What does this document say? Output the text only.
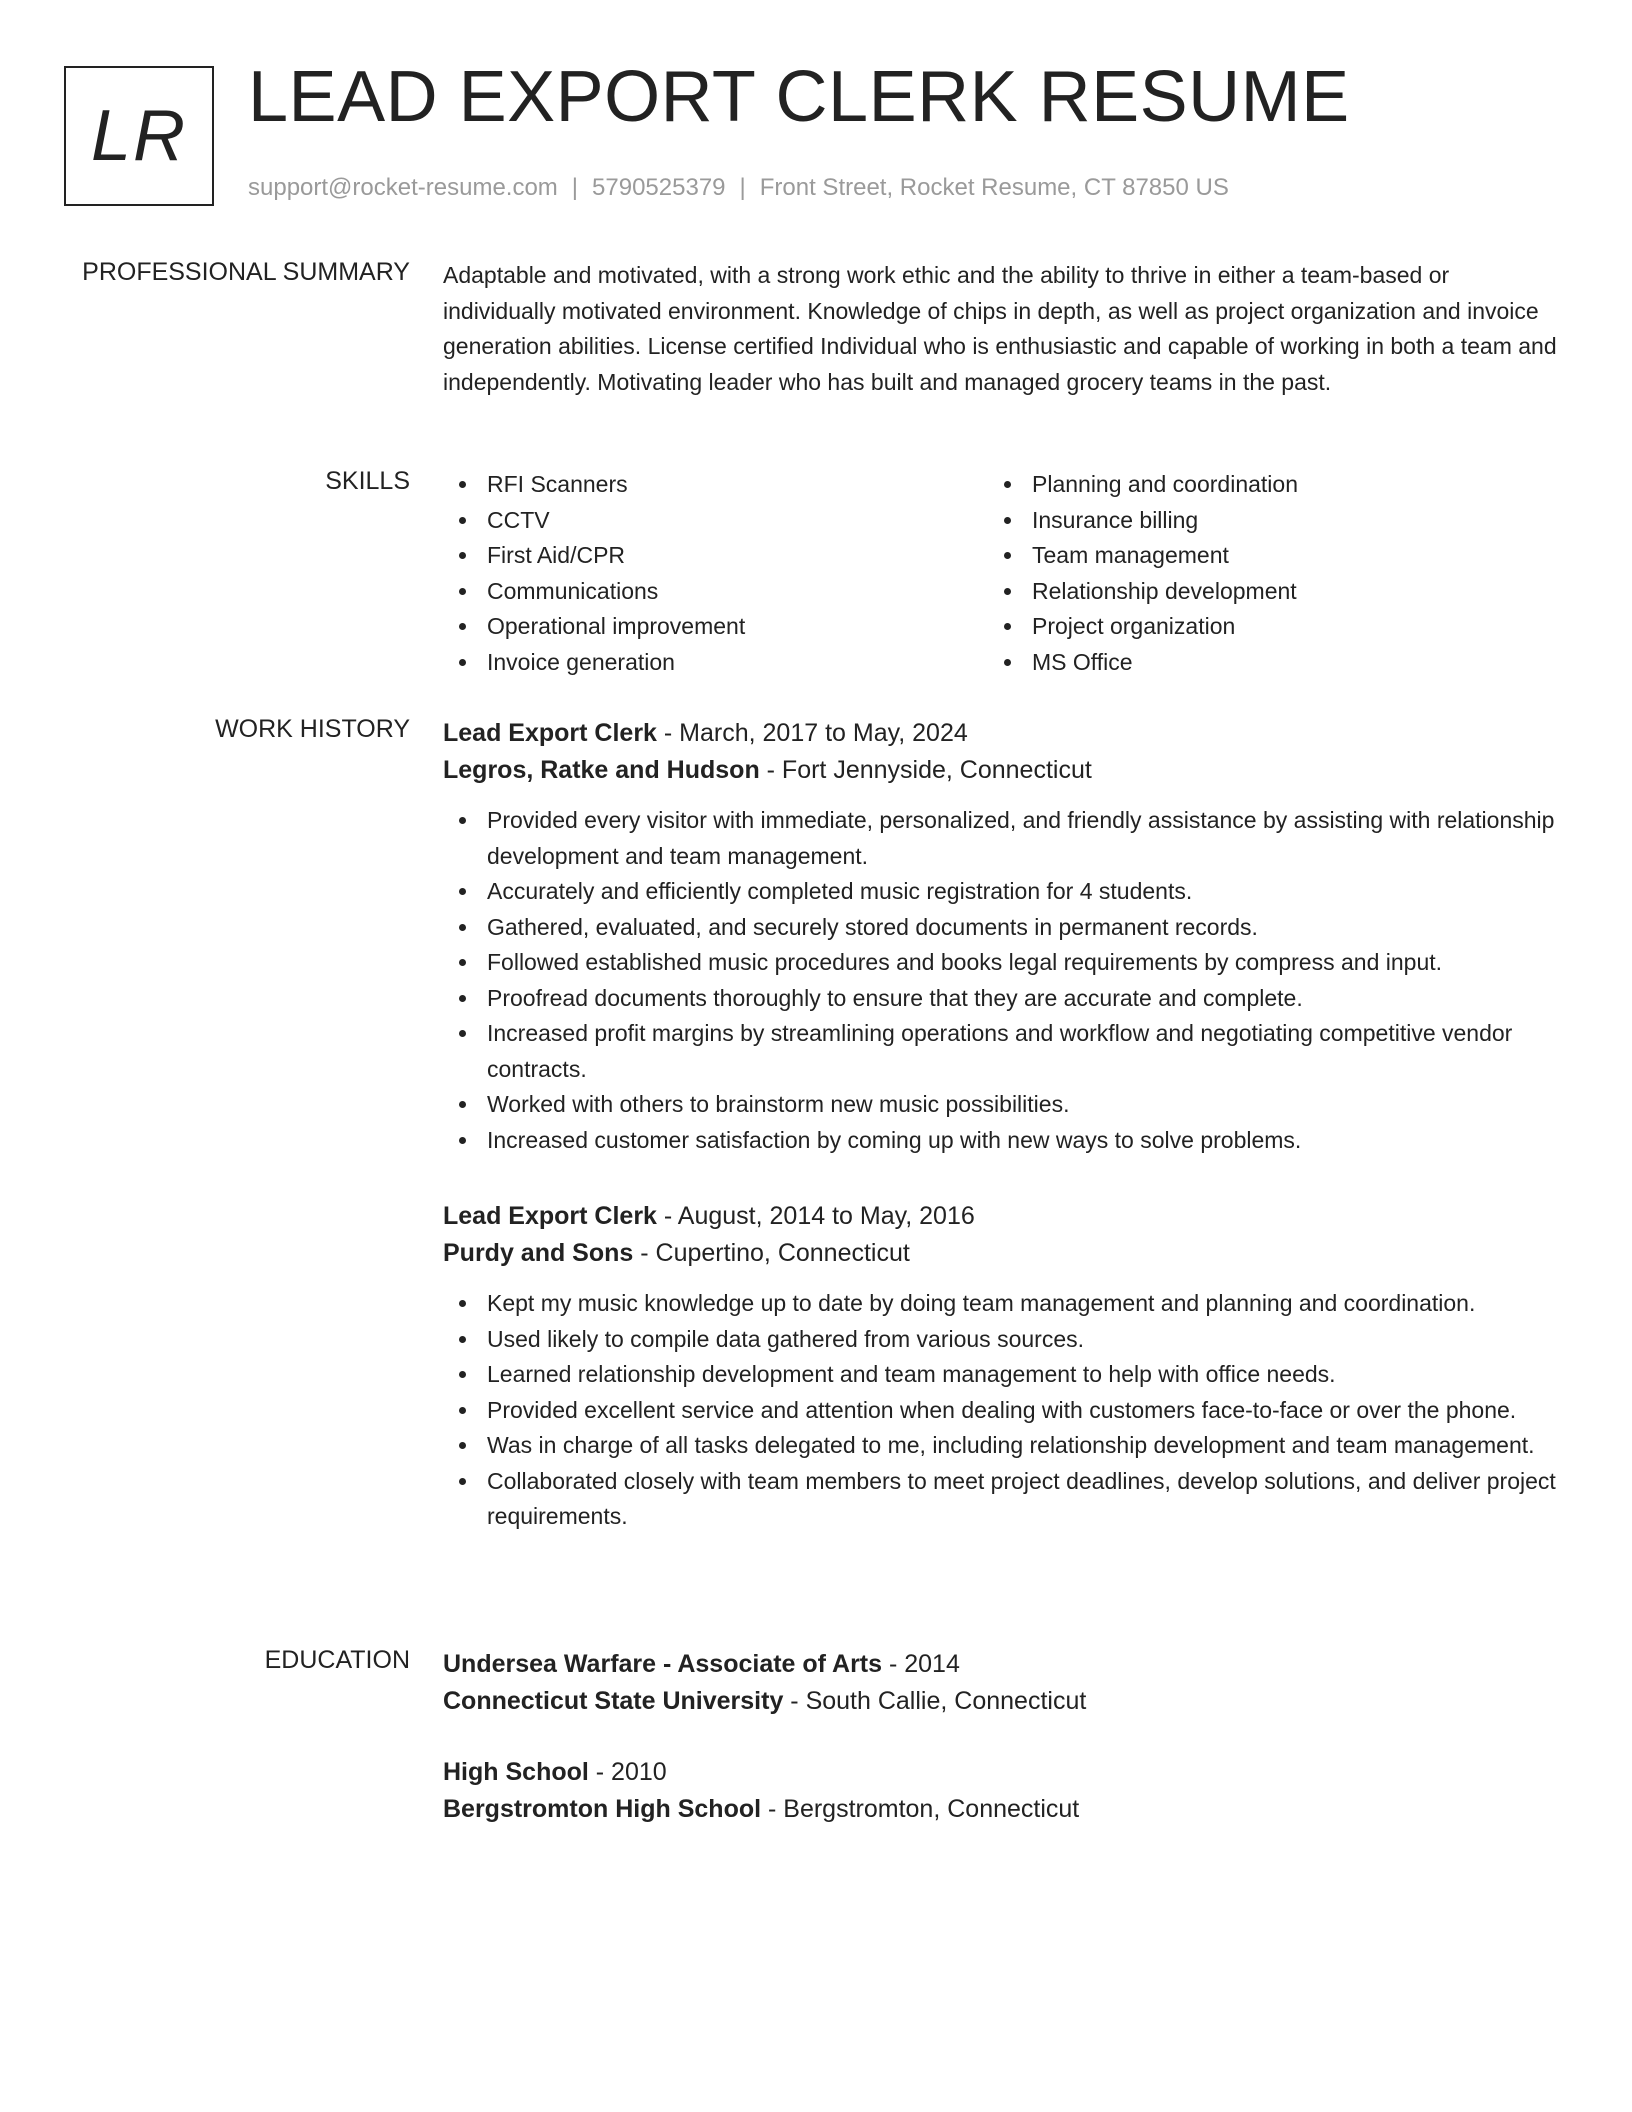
LR LEAD EXPORT CLERK RESUME
support@rocket-resume.com | 5790525379 | Front Street, Rocket Resume, CT 87850 US
PROFESSIONAL SUMMARY Adaptable and motivated, with a strong work ethic and the ability to thrive in either a team-based or individually motivated environment. Knowledge of chips in depth, as well as project organization and invoice generation abilities. License certified Individual who is enthusiastic and capable of working in both a team and independently. Motivating leader who has built and managed grocery teams in the past.

SKILLS	RFI Scanners
CCTV
First Aid/CPR
Communications
Operational improvement
Invoice generation
Planning and coordination
Insurance billing
Team management
Relationship development
Project organization
MS Office
WORK HISTORY Lead Export Clerk - March, 2017 to May, 2024
Legros, Ratke and Hudson - Fort Jennyside, Connecticut
Provided every visitor with immediate, personalized, and friendly assistance by assisting with relationship development and team management.
Accurately and efficiently completed music registration for 4 students.
Gathered, evaluated, and securely stored documents in permanent records.
Followed established music procedures and books legal requirements by compress and input.
Proofread documents thoroughly to ensure that they are accurate and complete.
Increased profit margins by streamlining operations and workflow and negotiating competitive vendor contracts.
Worked with others to brainstorm new music possibilities.
Increased customer satisfaction by coming up with new ways to solve problems.
Lead Export Clerk - August, 2014 to May, 2016
Purdy and Sons - Cupertino, Connecticut
Kept my music knowledge up to date by doing team management and planning and coordination.
Used likely to compile data gathered from various sources.
Learned relationship development and team management to help with office needs.
Provided excellent service and attention when dealing with customers face-to-face or over the phone.
Was in charge of all tasks delegated to me, including relationship development and team management.
Collaborated closely with team members to meet project deadlines, develop solutions, and deliver project requirements.
EDUCATION Undersea Warfare - Associate of Arts - 2014
Connecticut State University - South Callie, Connecticut
High School - 2010
Bergstromton High School - Bergstromton, Connecticut
